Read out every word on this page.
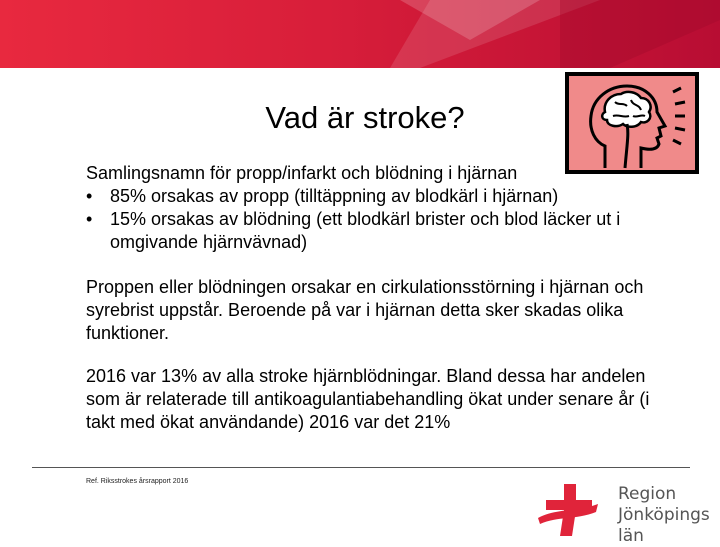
Vad är stroke?

Samlingsnamn för propp/infarkt och blödning i hjärnan

• 85% orsakas av propp (tilltäppning av blodkärl i hjärnan)
• 15% orsakas av blödning (ett blodkärl brister och blod läcker ut i omgivande hjärnvävnad)

Proppen eller blödningen orsakar en cirkulationsstörning i hjärnan och syrebrist uppstår. Beroende på var i hjärnan detta sker skadas olika funktioner.

2016 var 13% av alla stroke hjärnblödningar. Bland dessa har andelen som är relaterade till antikoagulantiabehandling ökat under senare år (i takt med ökat användande) 2016 var det 21%

Ref. Riksstrokes årsrapport 2016
Region
Jönköpings län
